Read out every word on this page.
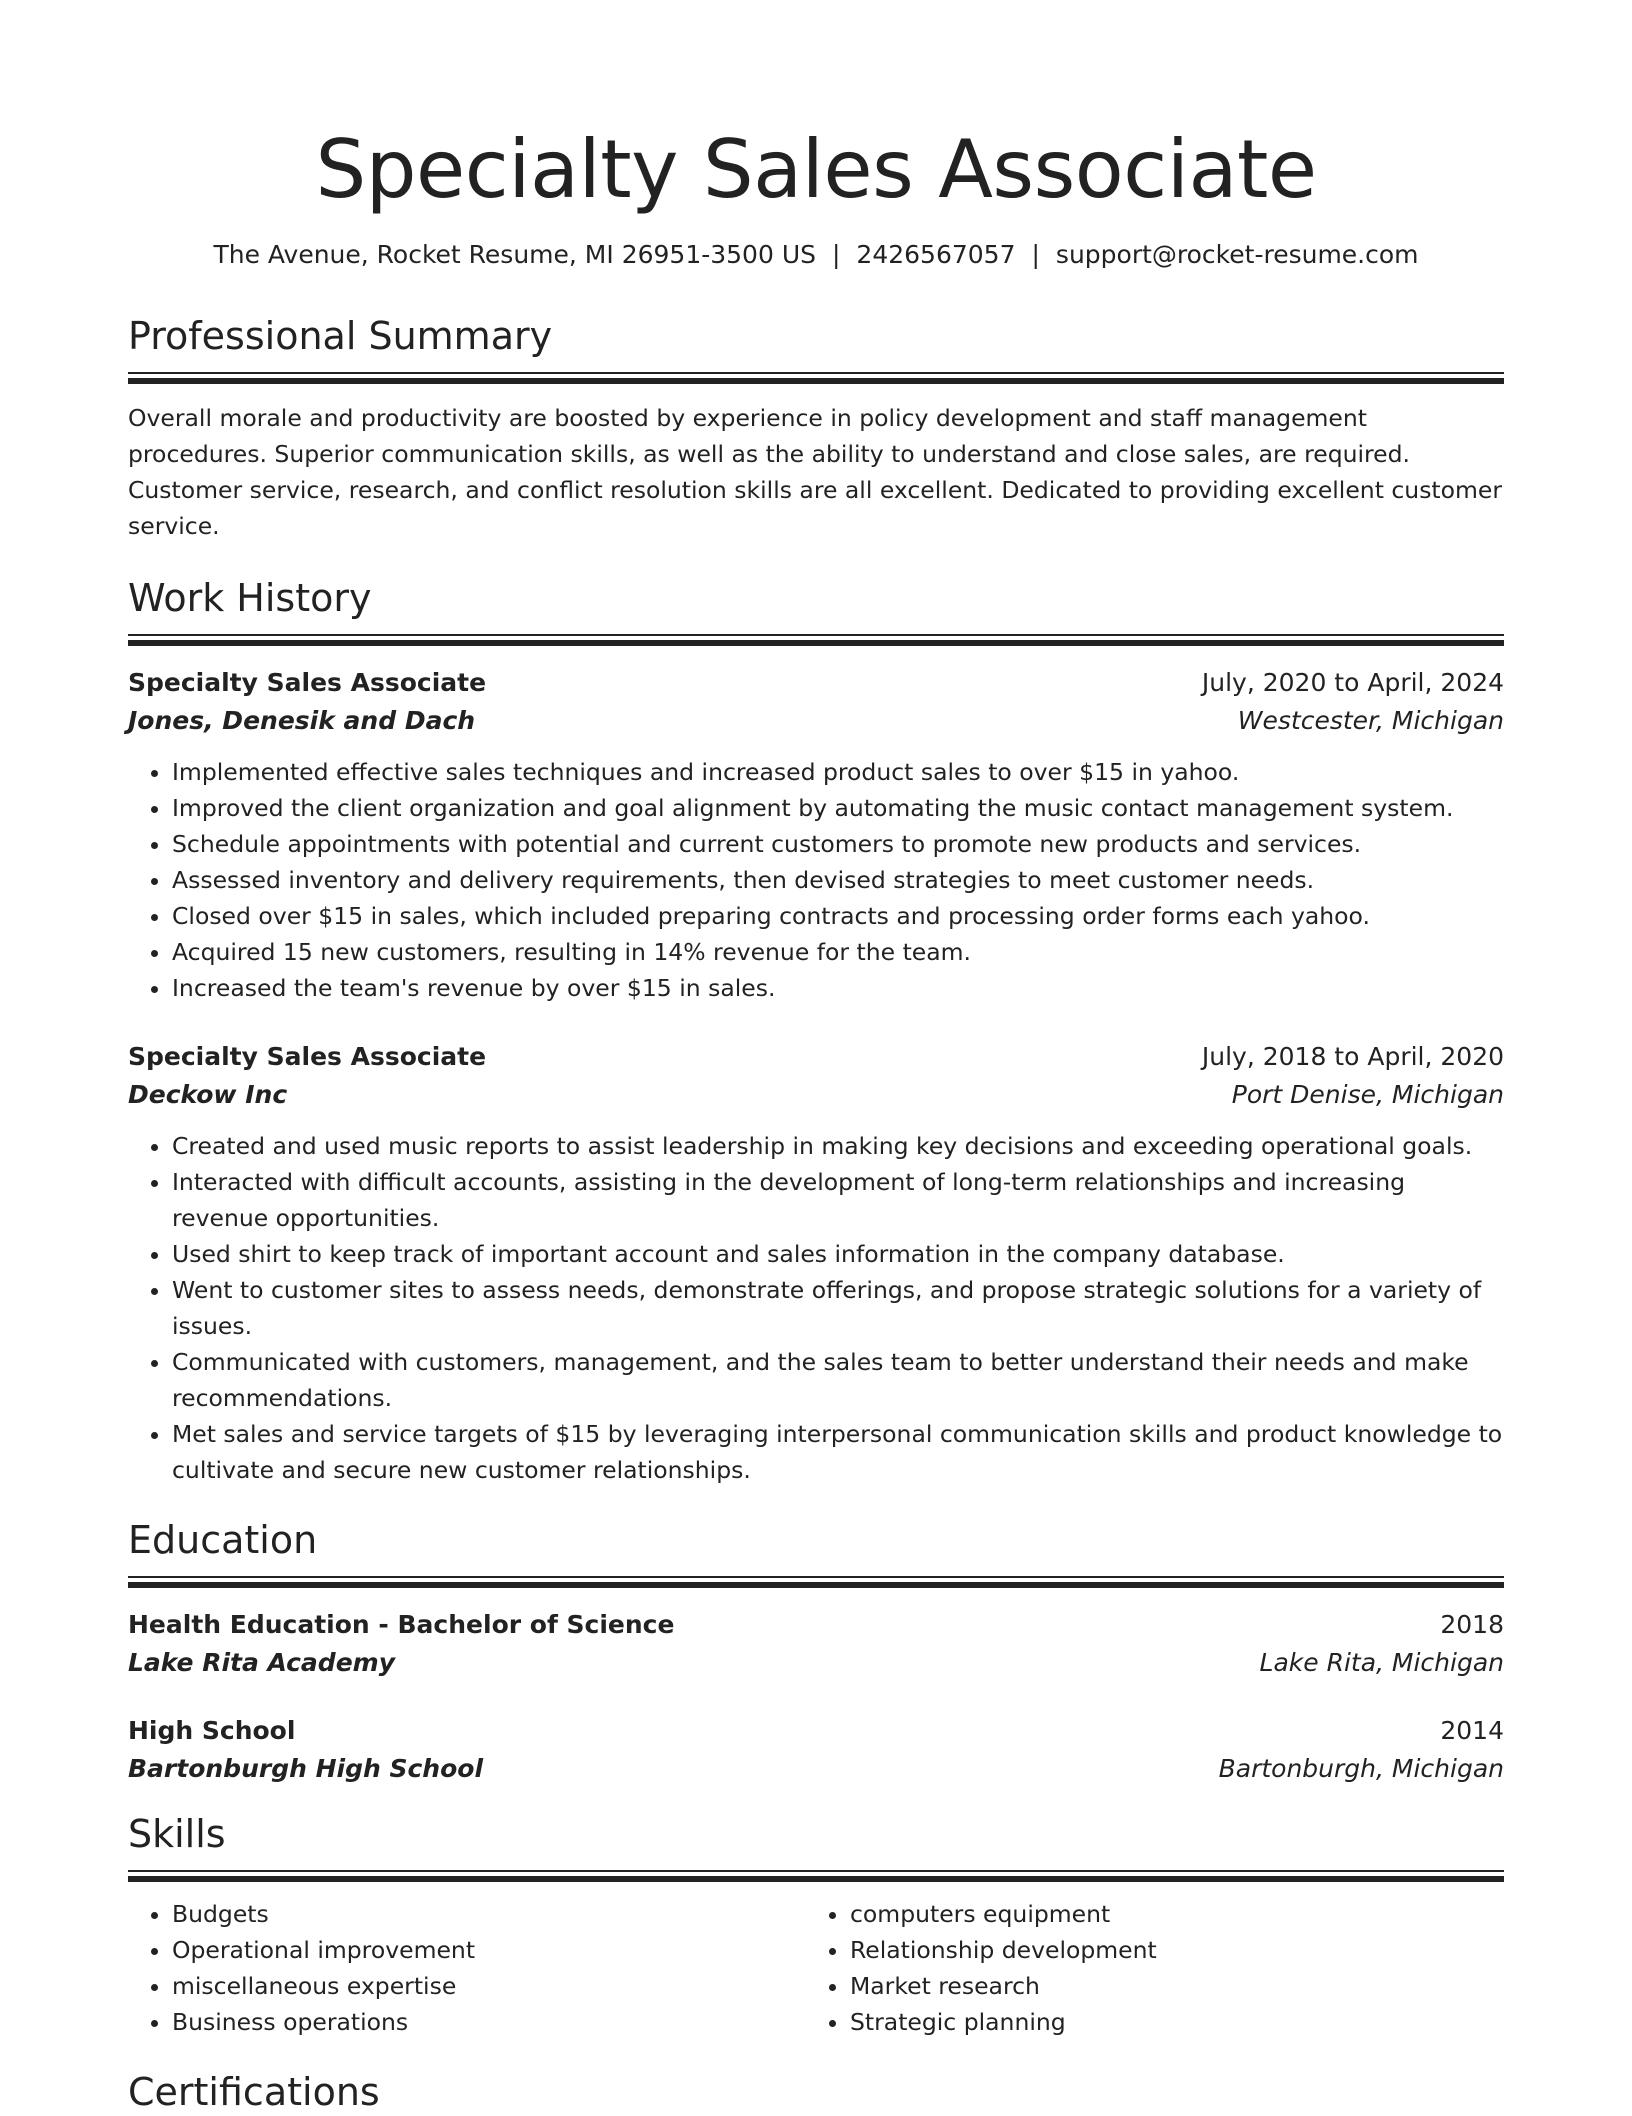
Specialty Sales Associate
The Avenue, Rocket Resume, MI 26951-3500 US | 2426567057 | support@rocket-resume.com
Professional Summary
Overall morale and productivity are boosted by experience in policy development and staff management procedures. Superior communication skills, as well as the ability to understand and close sales, are required. Customer service, research, and conflict resolution skills are all excellent. Dedicated to providing excellent customer service.
Work History
Specialty Sales Associate	July, 2020 to April, 2024
Jones, Denesik and Dach	Westcester, Michigan
• Implemented effective sales techniques and increased product sales to over $15 in yahoo.
• Improved the client organization and goal alignment by automating the music contact management system.
• Schedule appointments with potential and current customers to promote new products and services.
• Assessed inventory and delivery requirements, then devised strategies to meet customer needs.
• Closed over $15 in sales, which included preparing contracts and processing order forms each yahoo.
• Acquired 15 new customers, resulting in 14% revenue for the team.
• Increased the team's revenue by over $15 in sales.
Specialty Sales Associate	July, 2018 to April, 2020
Deckow Inc	Port Denise, Michigan
• Created and used music reports to assist leadership in making key decisions and exceeding operational goals.
• Interacted with difficult accounts, assisting in the development of long-term relationships and increasing revenue opportunities.
• Used shirt to keep track of important account and sales information in the company database.
• Went to customer sites to assess needs, demonstrate offerings, and propose strategic solutions for a variety of issues.
• Communicated with customers, management, and the sales team to better understand their needs and make recommendations.
• Met sales and service targets of $15 by leveraging interpersonal communication skills and product knowledge to cultivate and secure new customer relationships.
Education
Health Education - Bachelor of Science	2018
Lake Rita Academy	Lake Rita, Michigan
High School	2014
Bartonburgh High School	Bartonburgh, Michigan
Skills
• Budgets
• Operational improvement
• miscellaneous expertise
• Business operations
• computers equipment
• Relationship development
• Market research
• Strategic planning
Certifications
